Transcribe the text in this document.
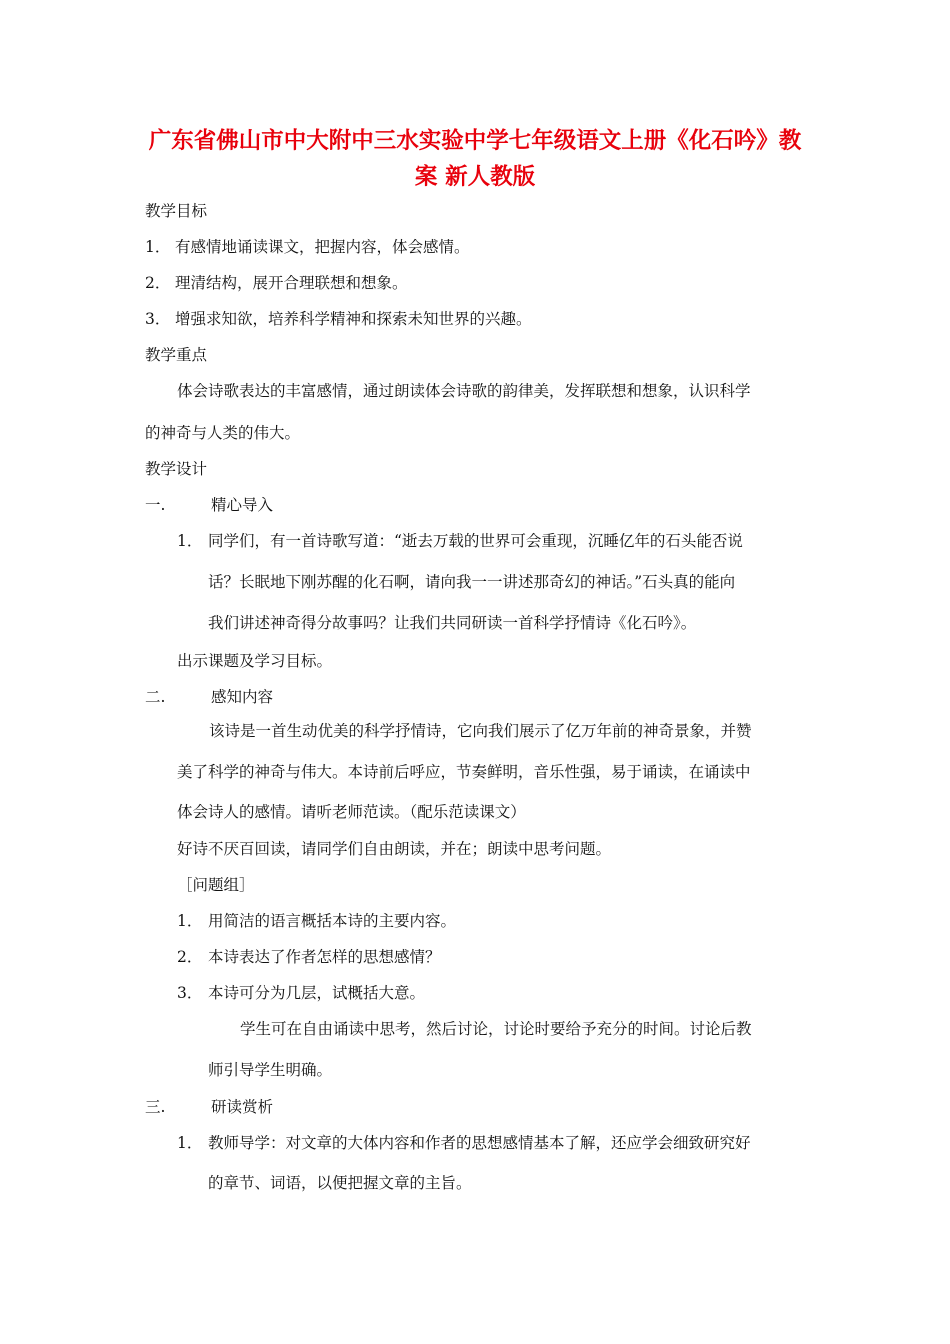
广东省佛山市中大附中三水实验中学七年级语文上册《化石吟》教
案 新人教版
教学目标
1． 有感情地诵读课文，把握内容，体会感情。
2． 理清结构，展开合理联想和想象。
3． 增强求知欲，培养科学精神和探索未知世界的兴趣。
教学重点
体会诗歌表达的丰富感情，通过朗读体会诗歌的韵律美，发挥联想和想象，认识科学
的神奇与人类的伟大。
教学设计
一.	精心导入
1． 同学们，有一首诗歌写道：“逝去万载的世界可会重现，沉睡亿年的石头能否说
话？长眠地下刚苏醒的化石啊，请向我一一讲述那奇幻的神话。”石头真的能向
我们讲述神奇得分故事吗？让我们共同研读一首科学抒情诗《化石吟》。
出示课题及学习目标。
二.	感知内容
该诗是一首生动优美的科学抒情诗，它向我们展示了亿万年前的神奇景象，并赞
美了科学的神奇与伟大。本诗前后呼应，节奏鲜明，音乐性强，易于诵读，在诵读中
体会诗人的感情。请听老师范读。（配乐范读课文）
好诗不厌百回读，请同学们自由朗读，并在；朗读中思考问题。
［问题组］
1． 用简洁的语言概括本诗的主要内容。
2． 本诗表达了作者怎样的思想感情？
3． 本诗可分为几层，试概括大意。
学生可在自由诵读中思考，然后讨论，讨论时要给予充分的时间。讨论后教
师引导学生明确。
三.	研读赏析
1． 教师导学：对文章的大体内容和作者的思想感情基本了解，还应学会细致研究好
的章节、词语，以便把握文章的主旨。
